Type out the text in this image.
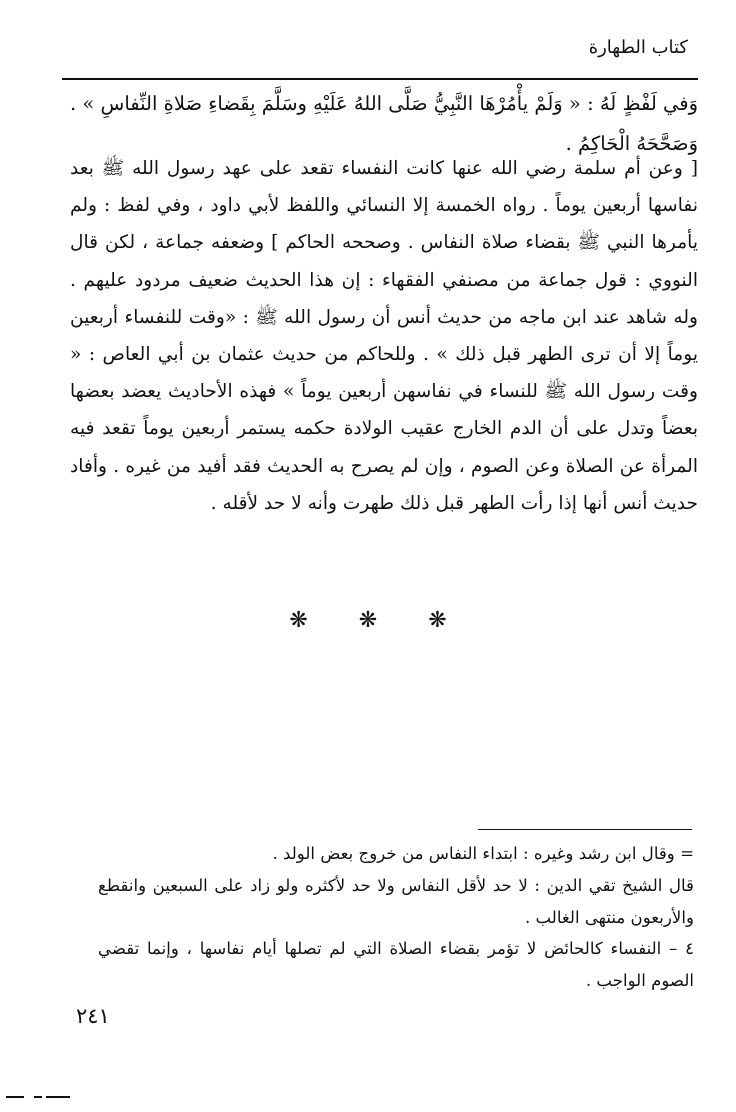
كتاب الطهارة

وَفي لَفْظٍ لَهُ : « وَلَمْ يأْمُرْهَا النَّبِيُّ صَلَّى اللهُ عَلَيْهِ وسَلَّمَ بِقَضاءِ صَلاةِ النِّفاسِ » . وَصَحَّحَهُ الْحَاكِمُ .

[ وعن أم سلمة رضي الله عنها كانت النفساء تقعد على عهد رسول الله ﷺ بعد نفاسها أربعين يوماً . رواه الخمسة إلا النسائي واللفظ لأبي داود ، وفي لفظ : ولم يأمرها النبي ﷺ بقضاء صلاة النفاس . وصححه الحاكم ] وضعفه جماعة ، لكن قال النووي : قول جماعة من مصنفي الفقهاء : إن هذا الحديث ضعيف مردود عليهم . وله شاهد عند ابن ماجه من حديث أنس أن رسول الله ﷺ : «وقت للنفساء أربعين يوماً إلا أن ترى الطهر قبل ذلك » . وللحاكم من حديث عثمان بن أبي العاص : « وقت رسول الله ﷺ للنساء في نفاسهن أربعين يوماً » فهذه الأحاديث يعضد بعضها بعضاً وتدل على أن الدم الخارج عقيب الولادة حكمه يستمر أربعين يوماً تقعد فيه المرأة عن الصلاة وعن الصوم ، وإن لم يصرح به الحديث فقد أفيد من غيره . وأفاد حديث أنس أنها إذا رأت الطهر قبل ذلك طهرت وأنه لا حد لأقله .

❋ ❋ ❋

= وقال ابن رشد وغيره : ابتداء النفاس من خروج بعض الولد .

قال الشيخ تقي الدين : لا حد لأقل النفاس ولا حد لأكثره ولو زاد على السبعين وانقطع والأربعون منتهى الغالب .

٤ – النفساء كالحائض لا تؤمر بقضاء الصلاة التي لم تصلها أيام نفاسها ، وإنما تقضي الصوم الواجب .

٢٤١
